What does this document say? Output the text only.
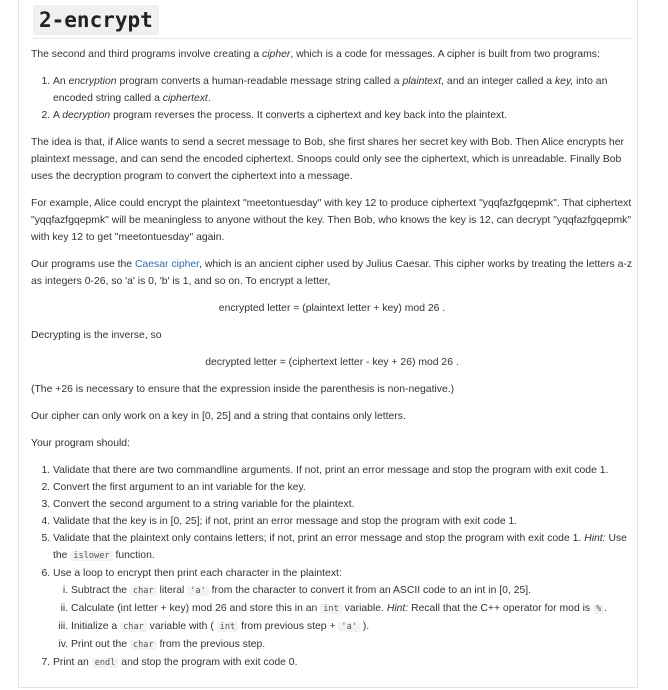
2-encrypt

The second and third programs involve creating a cipher, which is a code for messages. A cipher is built from two programs:

1. An encryption program converts a human-readable message string called a plaintext, and an integer called a key, into an encoded string called a ciphertext.
2. A decryption program reverses the process. It converts a ciphertext and key back into the plaintext.

The idea is that, if Alice wants to send a secret message to Bob, she first shares her secret key with Bob. Then Alice encrypts her plaintext message, and can send the encoded ciphertext. Snoops could only see the ciphertext, which is unreadable. Finally Bob uses the decryption program to convert the ciphertext into a message.

For example, Alice could encrypt the plaintext "meetontuesday" with key 12 to produce ciphertext "yqqfazfgqepmk". That ciphertext "yqqfazfgqepmk" will be meaningless to anyone without the key. Then Bob, who knows the key is 12, can decrypt "yqqfazfgqepmk" with key 12 to get "meetontuesday" again.

Our programs use the Caesar cipher, which is an ancient cipher used by Julius Caesar. This cipher works by treating the letters a-z as integers 0-26, so 'a' is 0, 'b' is 1, and so on. To encrypt a letter,

encrypted letter = (plaintext letter + key) mod 26 .

Decrypting is the inverse, so

decrypted letter = (ciphertext letter - key + 26) mod 26 .

(The +26 is necessary to ensure that the expression inside the parenthesis is non-negative.)

Our cipher can only work on a key in [0, 25] and a string that contains only letters.

Your program should:

1. Validate that there are two commandline arguments. If not, print an error message and stop the program with exit code 1.
2. Convert the first argument to an int variable for the key.
3. Convert the second argument to a string variable for the plaintext.
4. Validate that the key is in [0, 25]; if not, print an error message and stop the program with exit code 1.
5. Validate that the plaintext only contains letters; if not, print an error message and stop the program with exit code 1. Hint: Use the islower function.
6. Use a loop to encrypt then print each character in the plaintext:
i. Subtract the char literal 'a' from the character to convert it from an ASCII code to an int in [0, 25].
ii. Calculate (int letter + key) mod 26 and store this in an int variable. Hint: Recall that the C++ operator for mod is % .
iii. Initialize a char variable with ( int from previous step + 'a' ).
iv. Print out the char from the previous step.
7. Print an endl and stop the program with exit code 0.
